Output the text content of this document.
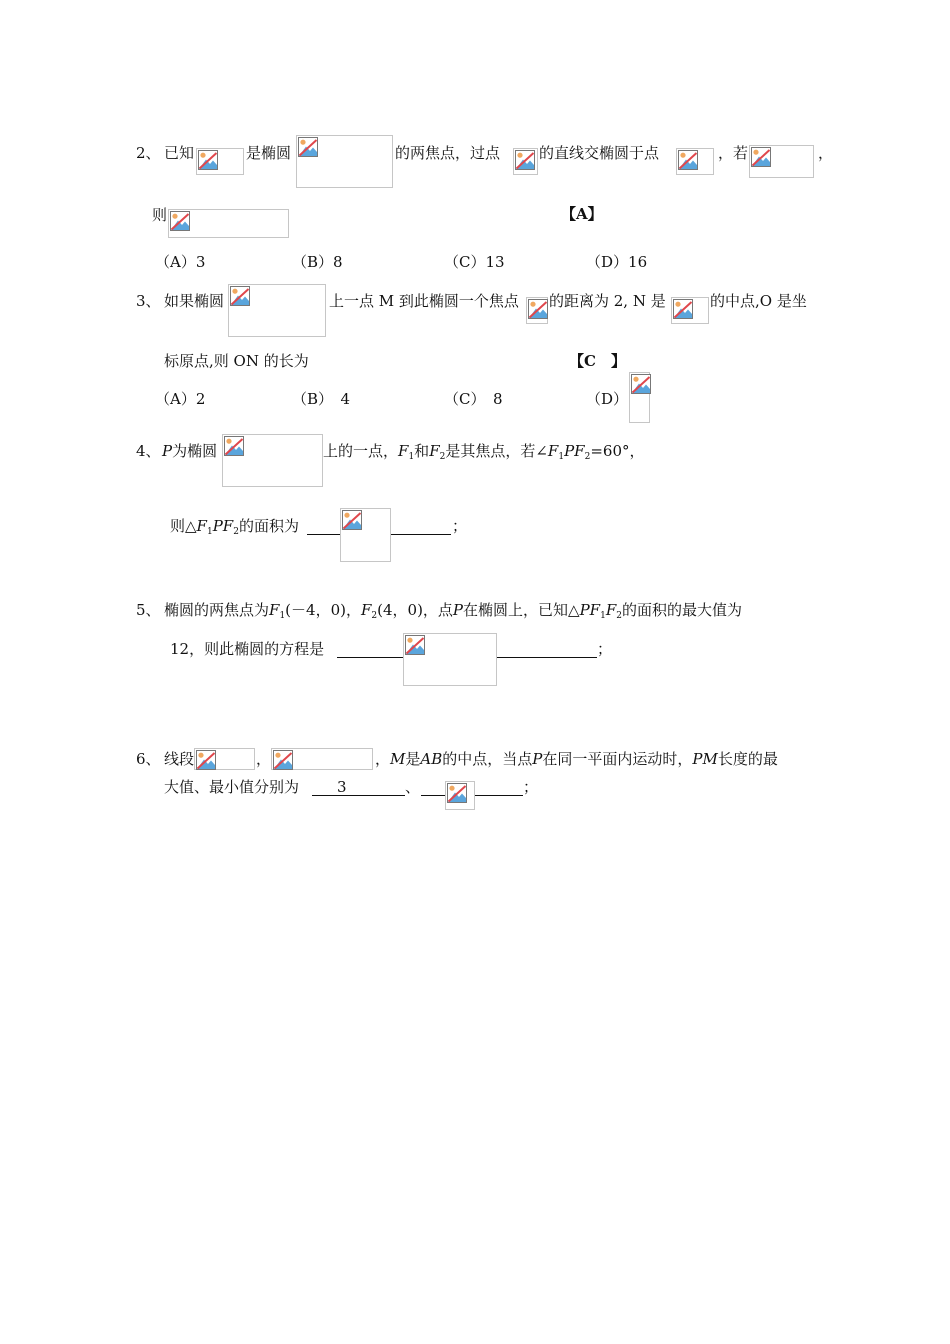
2、 已知	是椭圆	的两焦点，过点	的直线交椭圆于点	，若	，
则	【A】
（A）3	（B）8	（C）13	（D）16
3、 如果椭圆	上一点 M 到此椭圆一个焦点 的距离为 2, N 是	的中点,O 是坐
标原点,则 ON 的长为	【C　】
（A）2	（B）　4	（C）　8	（D）
4、 P为椭圆	上的一点，$F_1$和$F_2$是其焦点，若$\angle F_1PF_2=60^\circ$，
则$\triangle F_1PF_2$的面积为	；
5、 椭圆的两焦点为$F_1(-4$，0)，$F_2(4$，0)，点P在椭圆上，已知$\triangle PF_1F_2$的面积的最大值为
12，则此椭圆的方程是	；
6、 线段	，	，M是AB的中点，当点P在同一平面内运动时，PM长度的最
大值、最小值分别为	3	、	；
